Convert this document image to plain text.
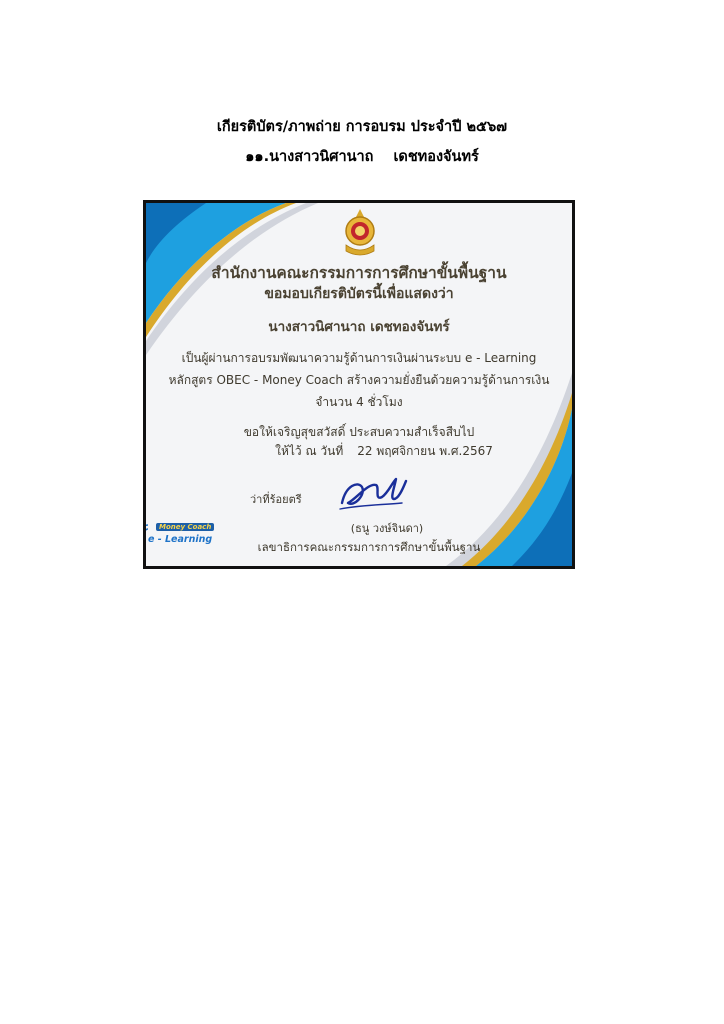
เกียรติบัตร/ภาพถ่าย การอบรม ประจำปี ๒๕๖๗
๑๑.นางสาวนิศานาถ เดชทองจันทร์
สำนักงานคณะกรรมการการศึกษาขั้นพื้นฐาน
ขอมอบเกียรติบัตรนี้เพื่อแสดงว่า
นางสาวนิศานาถ เดชทองจันทร์
เป็นผู้ผ่านการอบรมพัฒนาความรู้ด้านการเงินผ่านระบบ e - Learning
หลักสูตร OBEC - Money Coach สร้างความยั่งยืนด้วยความรู้ด้านการเงิน
จำนวน 4 ชั่วโมง
ขอให้เจริญสุขสวัสดิ์ ประสบความสำเร็จสืบไป
ให้ไว้ ณ วันที่ 22 พฤศจิกายน พ.ศ.2567
ว่าที่ร้อยตรี
(ธนู วงษ์จินดา)
เลขาธิการคณะกรรมการการศึกษาขั้นพื้นฐาน
Money Coach
e - Learning
